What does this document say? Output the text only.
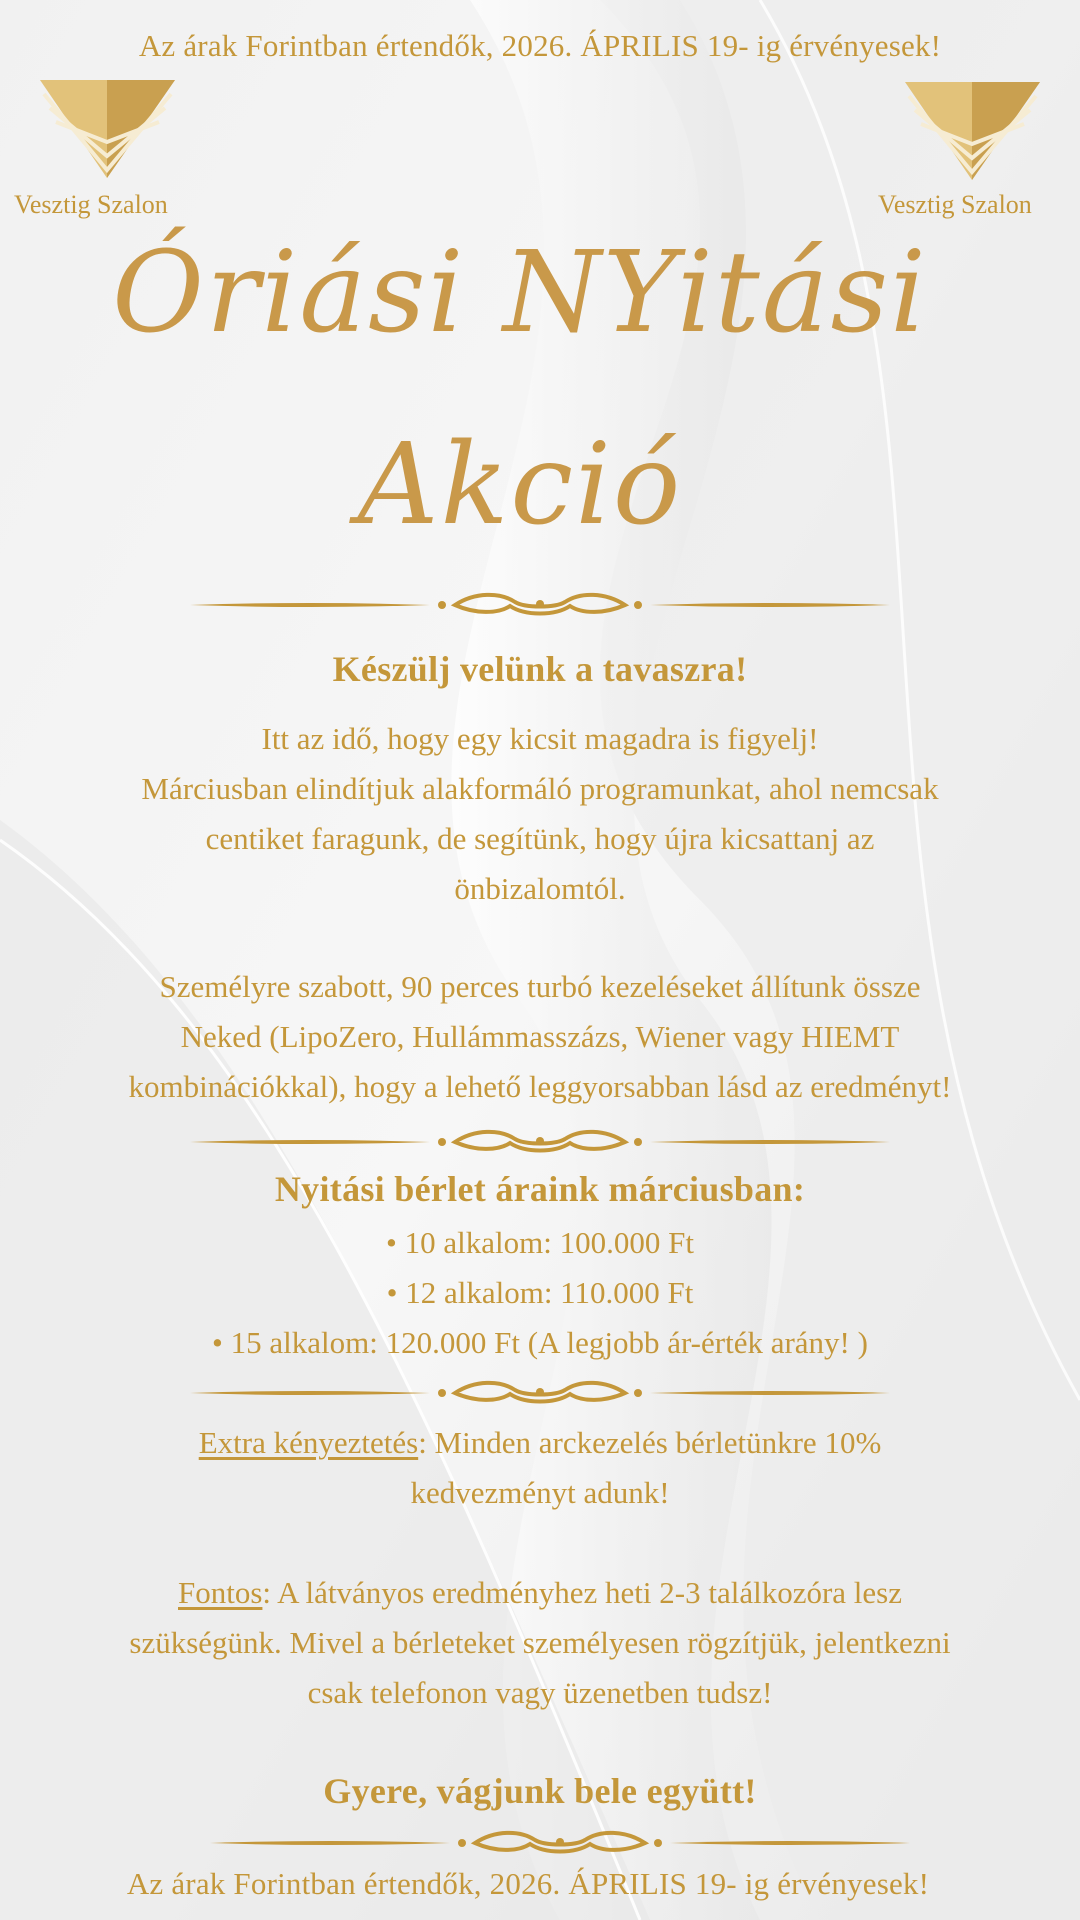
Az árak Forintban értendők, 2026. ÁPRILIS 19- ig érvényesek!
Vesztig Szalon	Vesztig Szalon
Óriási NYitási
Akció
Készülj velünk a tavaszra!
Itt az idő, hogy egy kicsit magadra is figyelj!
Márciusban elindítjuk alakformáló programunkat, ahol nemcsak
centiket faragunk, de segítünk, hogy újra kicsattanj az
önbizalomtól.
Személyre szabott, 90 perces turbó kezeléseket állítunk össze
Neked (LipoZero, Hullámmasszázs, Wiener vagy HIEMT
kombinációkkal), hogy a lehető leggyorsabban lásd az eredményt!
Nyitási bérlet áraink márciusban:
• 10 alkalom: 100.000 Ft
• 12 alkalom: 110.000 Ft
• 15 alkalom: 120.000 Ft (A legjobb ár-érték arány! )
Extra kényeztetés: Minden arckezelés bérletünkre 10%
kedvezményt adunk!
Fontos: A látványos eredményhez heti 2-3 találkozóra lesz
szükségünk. Mivel a bérleteket személyesen rögzítjük, jelentkezni
csak telefonon vagy üzenetben tudsz!
Gyere, vágjunk bele együtt!
Az árak Forintban értendők, 2026. ÁPRILIS 19- ig érvényesek!
